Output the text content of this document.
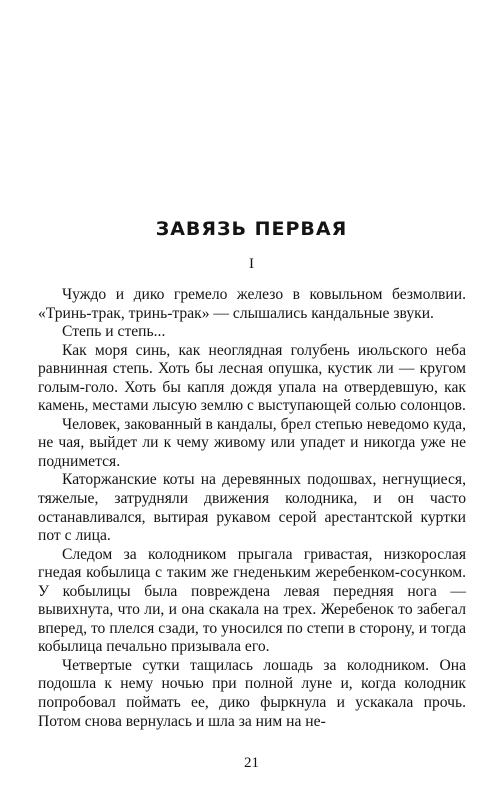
ЗАВЯЗЬ ПЕРВАЯ
I

Чуждо и дико гремело железо в ковыльном безмолвии. «Тринь-трак, тринь-трак» — слышались кандальные звуки.

Степь и степь...

Как моря синь, как неоглядная голубень июльского неба равнинная степь. Хоть бы лесная опушка, кустик ли — кругом голым-голо. Хоть бы капля дождя упала на отвердевшую, как камень, местами лысую землю с выступающей солью солонцов.

Человек, закованный в кандалы, брел степью неведомо куда, не чая, выйдет ли к чему живому или упадет и никогда уже не поднимется.

Каторжанские коты на деревянных подошвах, негнущиеся, тяжелые, затрудняли движения колодника, и он часто останавливался, вытирая рукавом серой арестантской куртки пот с лица.

Следом за колодником прыгала гривастая, низкорослая гнедая кобылица с таким же гнеденьким жеребенком-сосунком. У кобылицы была повреждена левая передняя нога — вывихнута, что ли, и она скакала на трех. Жеребенок то забегал вперед, то плелся сзади, то уносился по степи в сторону, и тогда кобылица печально призывала его.

Четвертые сутки тащилась лошадь за колодником. Она подошла к нему ночью при полной луне и, когда колодник попробовал поймать ее, дико фыркнула и ускакала прочь. Потом снова вернулась и шла за ним на не-

21
